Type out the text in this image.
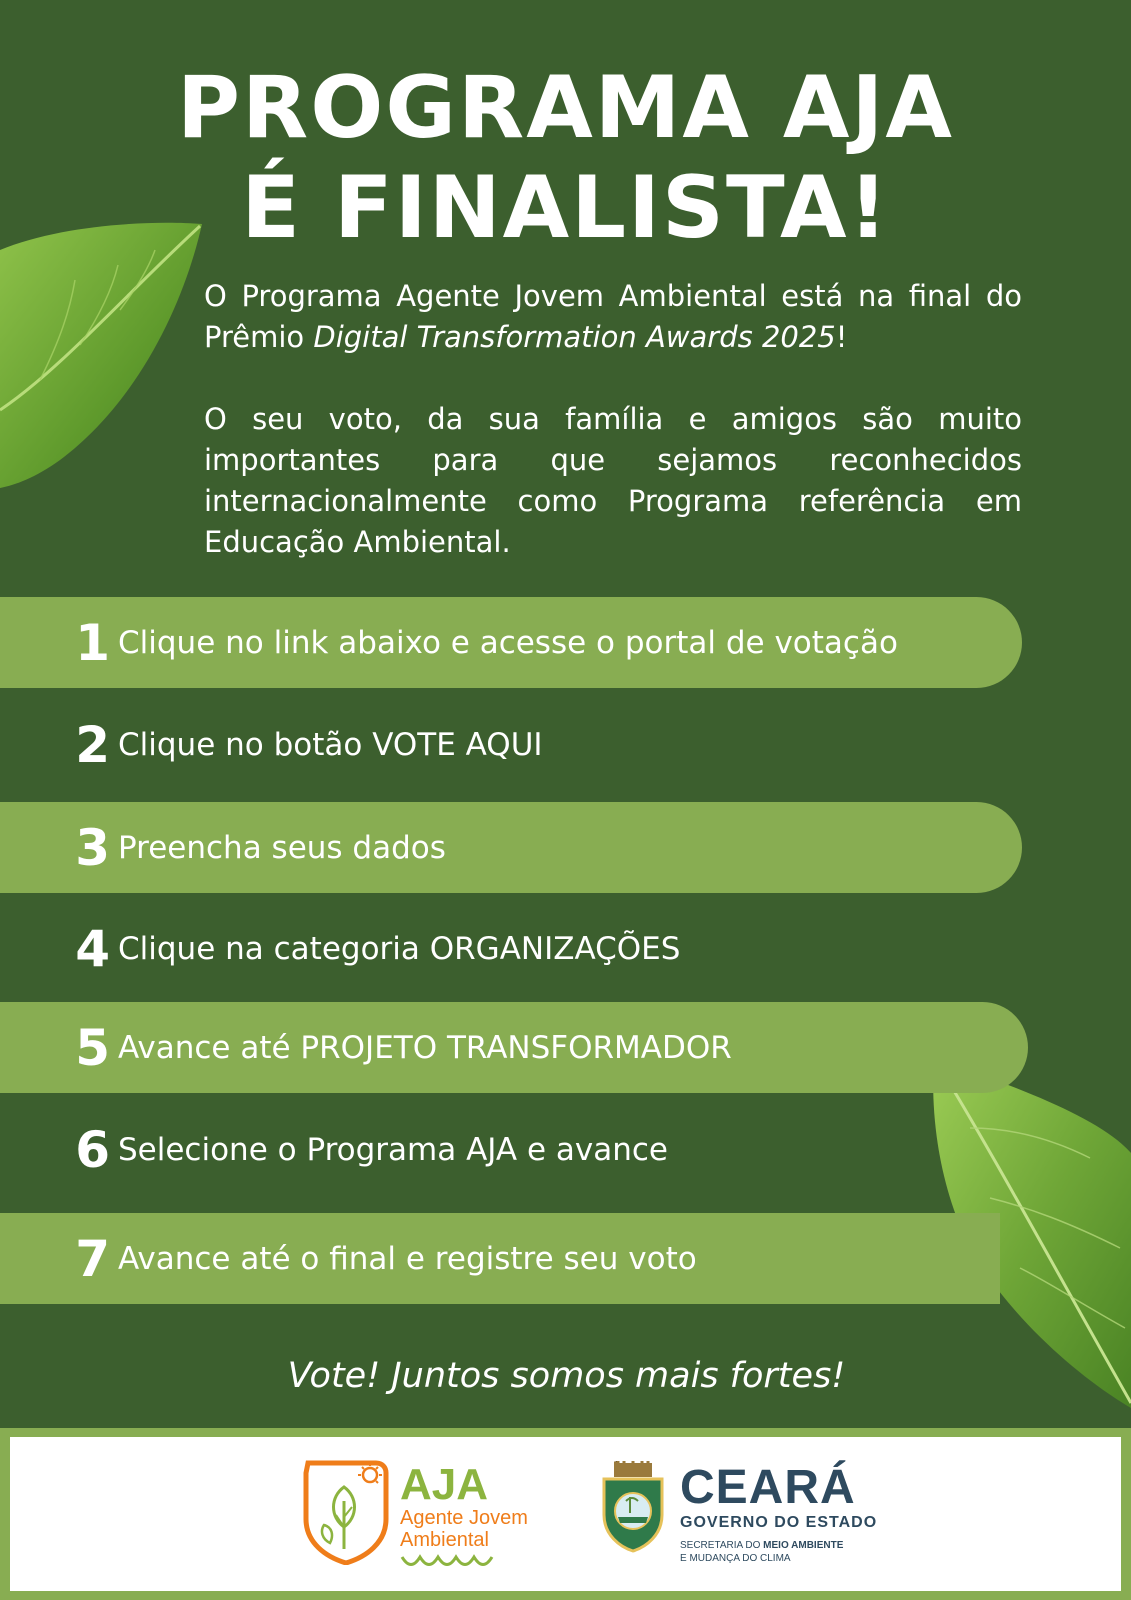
PROGRAMA AJA
É FINALISTA!

O Programa Agente Jovem Ambiental está na final do Prêmio Digital Transformation Awards 2025!

O seu voto, da sua família e amigos são muito importantes para que sejamos reconhecidos internacionalmente como Programa referência em Educação Ambiental.

1 Clique no link abaixo e acesse o portal de votação
2 Clique no botão VOTE AQUI
3 Preencha seus dados
4 Clique na categoria ORGANIZAÇÕES
5 Avance até PROJETO TRANSFORMADOR
6 Selecione o Programa AJA e avance
7 Avance até o final e registre seu voto
Vote! Juntos somos mais fortes!
AJA
Agente Jovem
Ambiental
CEARÁ
GOVERNO DO ESTADO
SECRETARIA DO MEIO AMBIENTE
E MUDANÇA DO CLIMA
